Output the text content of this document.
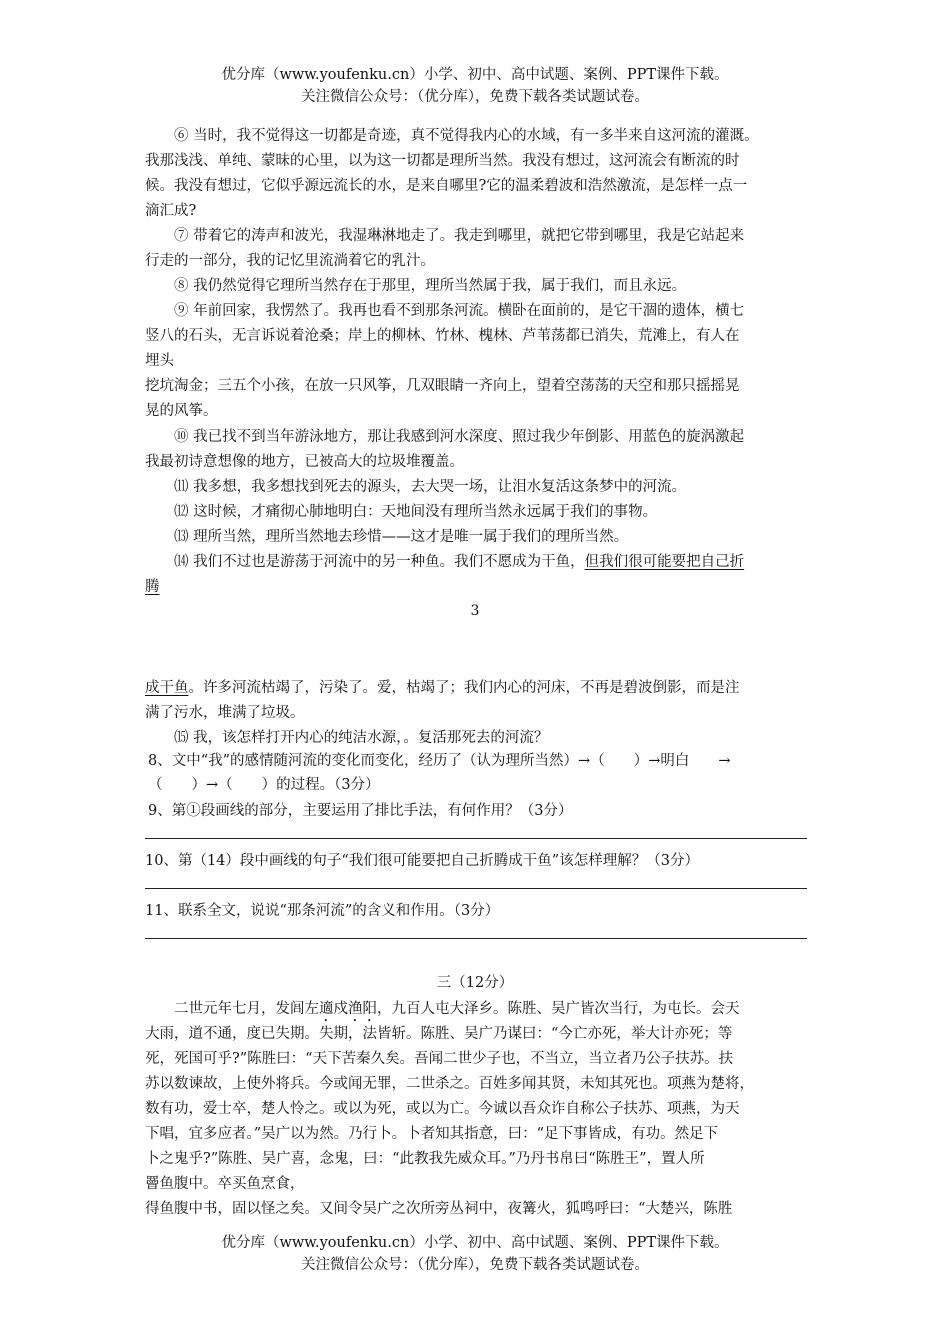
优分库（www.youfenku.cn）小学、初中、高中试题、案例、PPT课件下载。
关注微信公众号：（优分库），免费下载各类试题试卷。
⑥ 当时，我不觉得这一切都是奇迹，真不觉得我内心的水域，有一多半来自这河流的灌溉。
我那浅浅、单纯、蒙昧的心里，以为这一切都是理所当然。我没有想过，这河流会有断流的时
候。我没有想过，它似乎源远流长的水，是来自哪里?它的温柔碧波和浩然激流，是怎样一点一
滴汇成?
⑦ 带着它的涛声和波光，我湿琳淋地走了。我走到哪里，就把它带到哪里，我是它站起来
行走的一部分，我的记忆里流淌着它的乳汁。
⑧ 我仍然觉得它理所当然存在于那里，理所当然属于我，属于我们，而且永远。
⑨ 年前回家，我愣然了。我再也看不到那条河流。横卧在面前的，是它干涸的遗体，横七
竖八的石头，无言诉说着沧桑；岸上的柳林、竹林、槐林、芦苇荡都已消失，荒滩上，有人在
埋头
挖坑淘金；三五个小孩，在放一只风筝，几双眼睛一齐向上，望着空荡荡的天空和那只摇摇晃
晃的风筝。
⑩ 我已找不到当年游泳地方，那让我感到河水深度、照过我少年倒影、用蓝色的旋涡激起
我最初诗意想像的地方，已被高大的垃圾堆覆盖。
⑾ 我多想，我多想找到死去的源头，去大哭一场，让泪水复活这条梦中的河流。
⑿ 这时候，才痛彻心肺地明白：天地间没有理所当然永远属于我们的事物。
⒀ 理所当然，理所当然地去珍惜——这才是唯一属于我们的理所当然。
⒁ 我们不过也是游荡于河流中的另一种鱼。我们不愿成为干鱼，但我们很可能要把自己折
腾
3
成干鱼。许多河流枯竭了，污染了。爱，枯竭了；我们内心的河床，不再是碧波倒影，而是注
满了污水，堆满了垃圾。
⒂ 我，该怎样打开内心的纯洁水源，。复活那死去的河流？
8、文中“我”的感情随河流的变化而变化，经历了（认为理所当然）→（　　）→明白　　→
（　　）→（　　）的过程。（3分）
9、第①段画线的部分，主要运用了排比手法，有何作用？（3分）
10、第（14）段中画线的句子“我们很可能要把自己折腾成干鱼”该怎样理解？（3分）
11、联系全文，说说“那条河流”的含义和作用。（3分）
三（12分）
二世元年七月，发闾左適戍渔阳，九百人屯大泽乡。陈胜、吴广皆次当行，为屯长。会天
大雨，道不通，度已失期。失期，法皆斩。陈胜、吴广乃谋曰：“今亡亦死，举大计亦死；等
死，死国可乎?”陈胜曰：“天下苦秦久矣。吾闻二世少子也，不当立，当立者乃公子扶苏。扶
苏以数谏故，上使外将兵。今或闻无罪，二世杀之。百姓多闻其贤，未知其死也。项燕为楚将，
数有功，爱士卒，楚人怜之。或以为死，或以为亡。今诚以吾众诈自称公子扶苏、项燕，为天
下唱，宜多应者。”吴广以为然。乃行卜。卜者知其指意，曰：“足下事皆成，有功。然足下
卜之鬼乎?”陈胜、吴广喜，念鬼，曰：“此教我先威众耳。”乃丹书帛曰“陈胜王”，置人所
罾鱼腹中。卒买鱼烹食，
得鱼腹中书，固以怪之矣。又间令吴广之次所旁丛祠中，夜篝火，狐鸣呼曰：“大楚兴，陈胜
优分库（www.youfenku.cn）小学、初中、高中试题、案例、PPT课件下载。
关注微信公众号：（优分库），免费下载各类试题试卷。
